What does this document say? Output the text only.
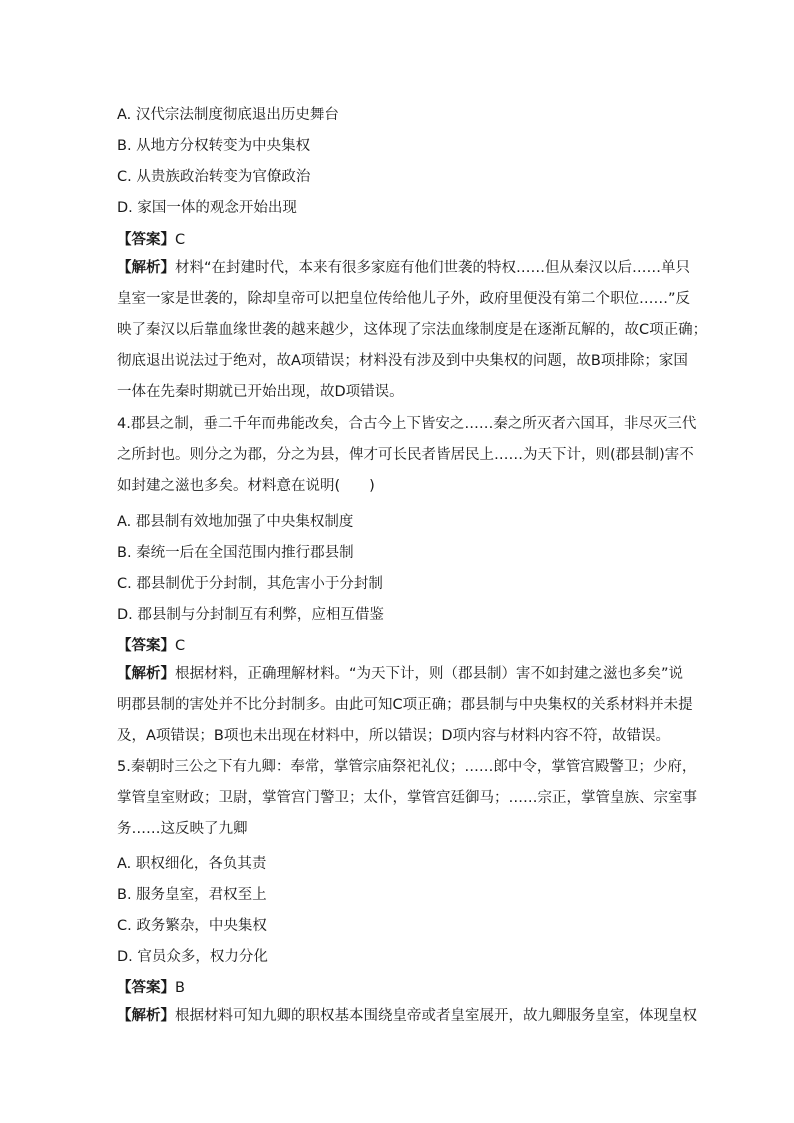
A. 汉代宗法制度彻底退出历史舞台
B. 从地方分权转变为中央集权
C. 从贵族政治转变为官僚政治
D. 家国一体的观念开始出现
【答案】C
【解析】材料“在封建时代，本来有很多家庭有他们世袭的特权……但从秦汉以后……单只
皇室一家是世袭的，除却皇帝可以把皇位传给他儿子外，政府里便没有第二个职位……”反
映了秦汉以后靠血缘世袭的越来越少，这体现了宗法血缘制度是在逐渐瓦解的，故C项正确；
彻底退出说法过于绝对，故A项错误；材料没有涉及到中央集权的问题，故B项排除；家国
一体在先秦时期就已开始出现，故D项错误。
4.郡县之制，垂二千年而弗能改矣，合古今上下皆安之……秦之所灭者六国耳，非尽灭三代
之所封也。则分之为郡，分之为县，俾才可长民者皆居民上……为天下计，则(郡县制)害不
如封建之滋也多矣。材料意在说明(　　)
A. 郡县制有效地加强了中央集权制度
B. 秦统一后在全国范围内推行郡县制
C. 郡县制优于分封制，其危害小于分封制
D. 郡县制与分封制互有利弊，应相互借鉴
【答案】C
【解析】根据材料，正确理解材料。“为天下计，则（郡县制）害不如封建之滋也多矣”说
明郡县制的害处并不比分封制多。由此可知C项正确；郡县制与中央集权的关系材料并未提
及，A项错误；B项也未出现在材料中，所以错误；D项内容与材料内容不符，故错误。
5.秦朝时三公之下有九卿：奉常，掌管宗庙祭祀礼仪；……郎中令，掌管宫殿警卫；少府，
掌管皇室财政；卫尉，掌管宫门警卫；太仆，掌管宫廷御马；……宗正，掌管皇族、宗室事
务……这反映了九卿
A. 职权细化，各负其责
B. 服务皇室，君权至上
C. 政务繁杂，中央集权
D. 官员众多，权力分化
【答案】B
【解析】根据材料可知九卿的职权基本围绕皇帝或者皇室展开，故九卿服务皇室，体现皇权
